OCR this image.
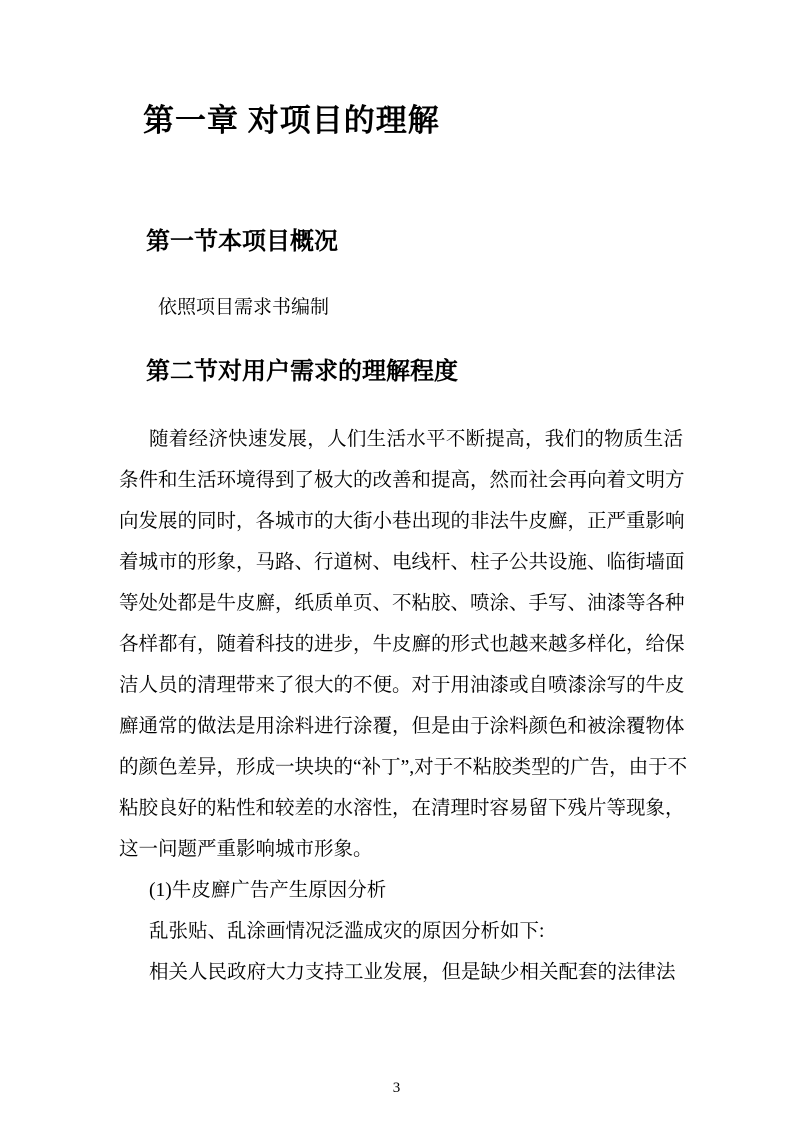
第一章 对项目的理解
第一节本项目概况

依照项目需求书编制

第二节对用户需求的理解程度
随着经济快速发展，人们生活水平不断提高，我们的物质生活
条件和生活环境得到了极大的改善和提高，然而社会再向着文明方
向发展的同时，各城市的大街小巷出现的非法牛皮廯，正严重影响
着城市的形象，马路、行道树、电线杆、柱子公共设施、临街墙面
等处处都是牛皮廯，纸质单页、不粘胶、喷涂、手写、油漆等各种
各样都有，随着科技的进步，牛皮廯的形式也越来越多样化，给保
洁人员的清理带来了很大的不便。对于用油漆或自喷漆涂写的牛皮
廯通常的做法是用涂料进行涂覆，但是由于涂料颜色和被涂覆物体
的颜色差异，形成一块块的“补丁”,对于不粘胶类型的广告，由于不
粘胶良好的粘性和较差的水溶性，在清理时容易留下残片等现象，
这一问题严重影响城市形象。
(1)牛皮廯广告产生原因分析
乱张贴、乱涂画情况泛滥成灾的原因分析如下:
相关人民政府大力支持工业发展，但是缺少相关配套的法律法
3
